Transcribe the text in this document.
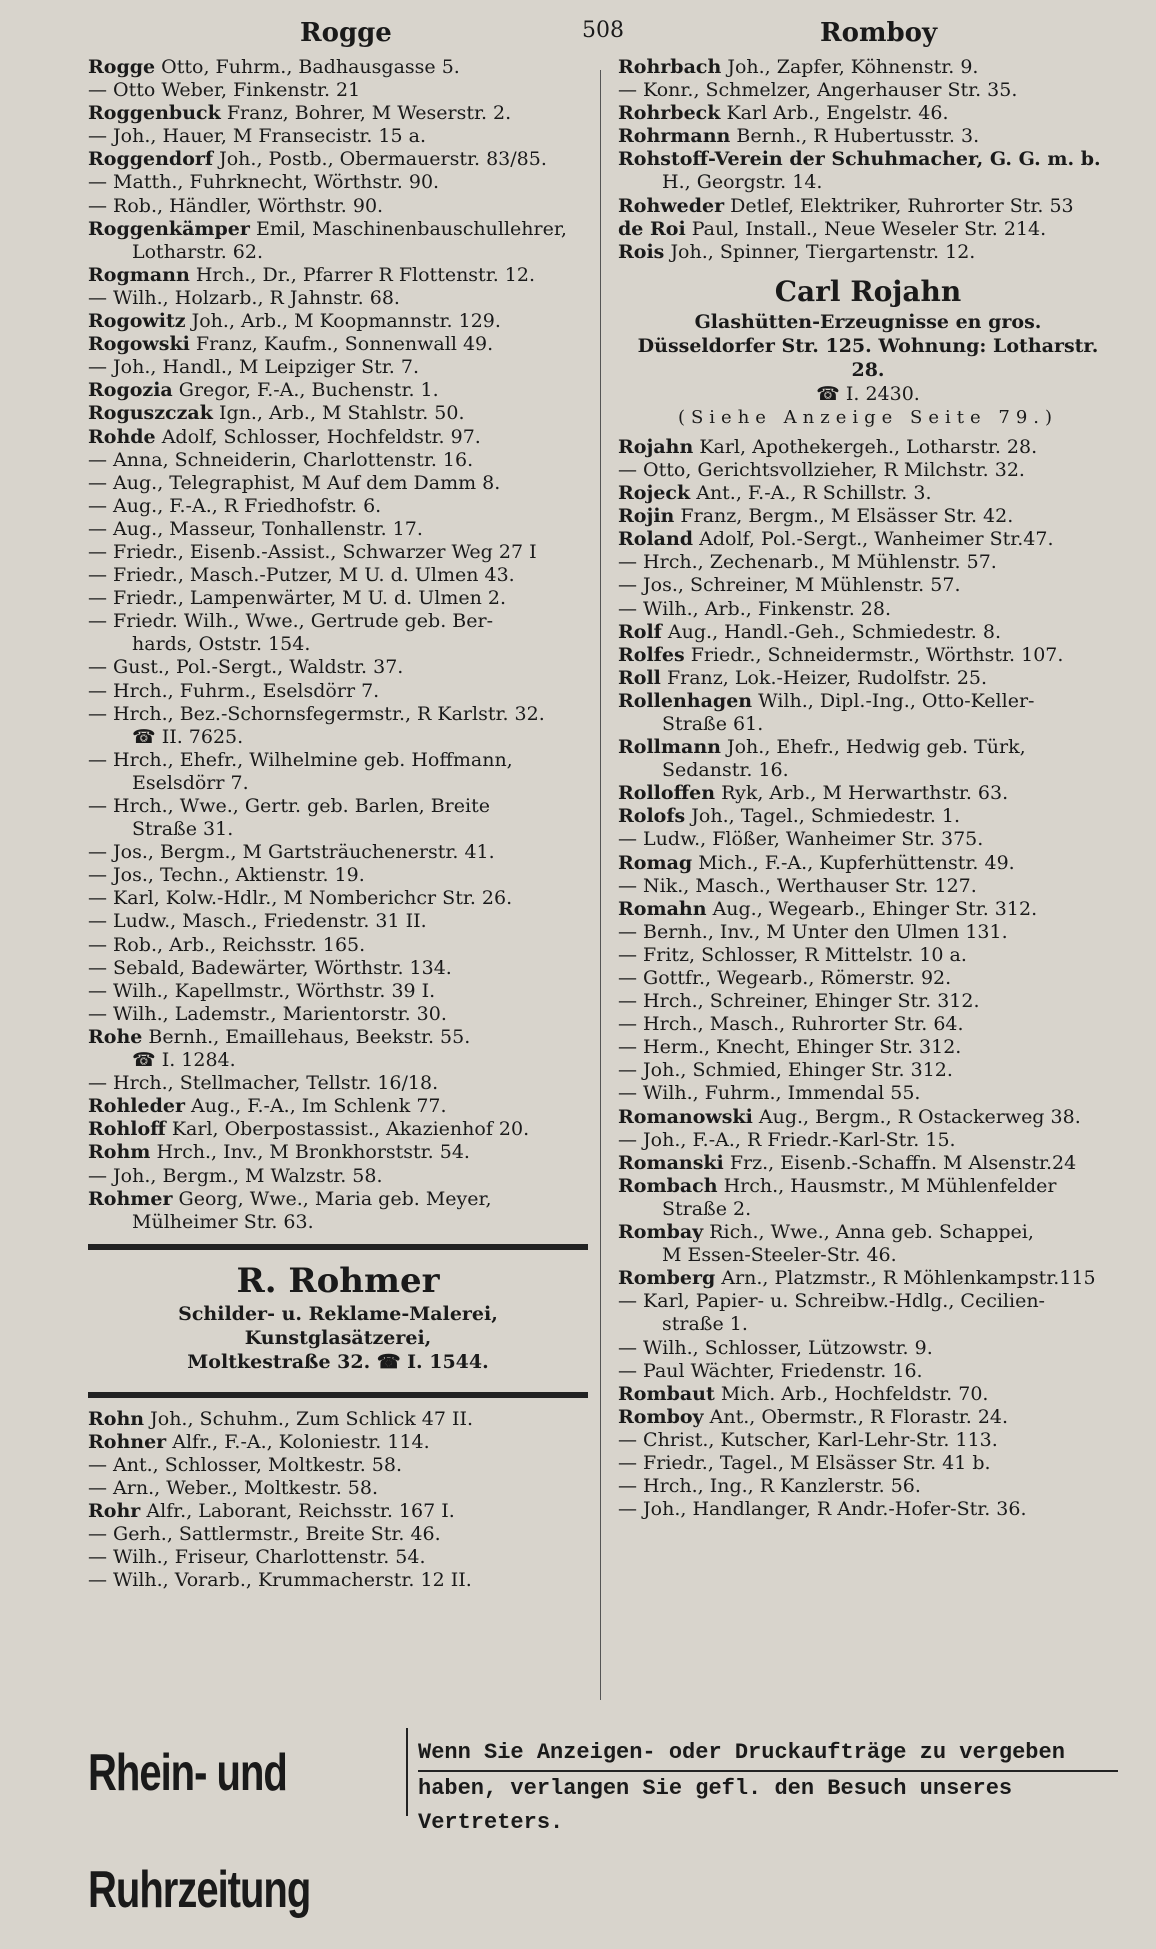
Rogge	508	Romboy
Rogge Otto, Fuhrm., Badhausgasse 5.
— Otto Weber, Finkenstr. 21
Roggenbuck Franz, Bohrer, M Weserstr. 2.
— Joh., Hauer, M Fransecistr. 15 a.
Roggendorf Joh., Postb., Obermauerstr. 83/85.
— Matth., Fuhrknecht, Wörthstr. 90.
— Rob., Händler, Wörthstr. 90.
Roggenkämper Emil, Maschinenbauschullehrer,
Lotharstr. 62.
Rogmann Hrch., Dr., Pfarrer R Flottenstr. 12.
— Wilh., Holzarb., R Jahnstr. 68.
Rogowitz Joh., Arb., M Koopmannstr. 129.
Rogowski Franz, Kaufm., Sonnenwall 49.
— Joh., Handl., M Leipziger Str. 7.
Rogozia Gregor, F.-A., Buchenstr. 1.
Roguszczak Ign., Arb., M Stahlstr. 50.
Rohde Adolf, Schlosser, Hochfeldstr. 97.
— Anna, Schneiderin, Charlottenstr. 16.
— Aug., Telegraphist, M Auf dem Damm 8.
— Aug., F.-A., R Friedhofstr. 6.
— Aug., Masseur, Tonhallenstr. 17.
— Friedr., Eisenb.-Assist., Schwarzer Weg 27 I
— Friedr., Masch.-Putzer, M U. d. Ulmen 43.
— Friedr., Lampenwärter, M U. d. Ulmen 2.
— Friedr. Wilh., Wwe., Gertrude geb. Ber-
hards, Oststr. 154.
— Gust., Pol.-Sergt., Waldstr. 37.
— Hrch., Fuhrm., Eselsdörr 7.
— Hrch., Bez.-Schornsfegermstr., R Karlstr. 32.
☎ II. 7625.
— Hrch., Ehefr., Wilhelmine geb. Hoffmann,
Eselsdörr 7.
— Hrch., Wwe., Gertr. geb. Barlen, Breite
Straße 31.
— Jos., Bergm., M Gartsträuchenerstr. 41.
— Jos., Techn., Aktienstr. 19.
— Karl, Kolw.-Hdlr., M Nomberichcr Str. 26.
— Ludw., Masch., Friedenstr. 31 II.
— Rob., Arb., Reichsstr. 165.
— Sebald, Badewärter, Wörthstr. 134.
— Wilh., Kapellmstr., Wörthstr. 39 I.
— Wilh., Lademstr., Marientorstr. 30.
Rohe Bernh., Emaillehaus, Beekstr. 55.
☎ I. 1284.
— Hrch., Stellmacher, Tellstr. 16/18.
Rohleder Aug., F.-A., Im Schlenk 77.
Rohloff Karl, Oberpostassist., Akazienhof 20.
Rohm Hrch., Inv., M Bronkhorststr. 54.
— Joh., Bergm., M Walzstr. 58.
Rohmer Georg, Wwe., Maria geb. Meyer,
Mülheimer Str. 63.
R. Rohmer
Schilder- u. Reklame-Malerei, Kunstglasätzerei,
Moltkestraße 32. ☎ I. 1544.
Rohn Joh., Schuhm., Zum Schlick 47 II.
Rohner Alfr., F.-A., Koloniestr. 114.
— Ant., Schlosser, Moltkestr. 58.
— Arn., Weber., Moltkestr. 58.
Rohr Alfr., Laborant, Reichsstr. 167 I.
— Gerh., Sattlermstr., Breite Str. 46.
— Wilh., Friseur, Charlottenstr. 54.
— Wilh., Vorarb., Krummacherstr. 12 II.
Rohrbach Joh., Zapfer, Köhnenstr. 9.
— Konr., Schmelzer, Angerhauser Str. 35.
Rohrbeck Karl Arb., Engelstr. 46.
Rohrmann Bernh., R Hubertusstr. 3.
Rohstoff-Verein der Schuhmacher, G. G. m. b.
H., Georgstr. 14.
Rohweder Detlef, Elektriker, Ruhrorter Str. 53
de Roi Paul, Install., Neue Weseler Str. 214.
Rois Joh., Spinner, Tiergartenstr. 12.
Carl Rojahn
Glashütten-Erzeugnisse en gros.
Düsseldorfer Str. 125. Wohnung: Lotharstr. 28.
☎ I. 2430.
(Siehe Anzeige Seite 79.)
Rojahn Karl, Apothekergeh., Lotharstr. 28.
— Otto, Gerichtsvollzieher, R Milchstr. 32.
Rojeck Ant., F.-A., R Schillstr. 3.
Rojin Franz, Bergm., M Elsässer Str. 42.
Roland Adolf, Pol.-Sergt., Wanheimer Str.47.
— Hrch., Zechenarb., M Mühlenstr. 57.
— Jos., Schreiner, M Mühlenstr. 57.
— Wilh., Arb., Finkenstr. 28.
Rolf Aug., Handl.-Geh., Schmiedestr. 8.
Rolfes Friedr., Schneidermstr., Wörthstr. 107.
Roll Franz, Lok.-Heizer, Rudolfstr. 25.
Rollenhagen Wilh., Dipl.-Ing., Otto-Keller-
Straße 61.
Rollmann Joh., Ehefr., Hedwig geb. Türk,
Sedanstr. 16.
Rolloffen Ryk, Arb., M Herwarthstr. 63.
Rolofs Joh., Tagel., Schmiedestr. 1.
— Ludw., Flößer, Wanheimer Str. 375.
Romag Mich., F.-A., Kupferhüttenstr. 49.
— Nik., Masch., Werthauser Str. 127.
Romahn Aug., Wegearb., Ehinger Str. 312.
— Bernh., Inv., M Unter den Ulmen 131.
— Fritz, Schlosser, R Mittelstr. 10 a.
— Gottfr., Wegearb., Römerstr. 92.
— Hrch., Schreiner, Ehinger Str. 312.
— Hrch., Masch., Ruhrorter Str. 64.
— Herm., Knecht, Ehinger Str. 312.
— Joh., Schmied, Ehinger Str. 312.
— Wilh., Fuhrm., Immendal 55.
Romanowski Aug., Bergm., R Ostackerweg 38.
— Joh., F.-A., R Friedr.-Karl-Str. 15.
Romanski Frz., Eisenb.-Schaffn. M Alsenstr.24
Rombach Hrch., Hausmstr., M Mühlenfelder
Straße 2.
Rombay Rich., Wwe., Anna geb. Schappei,
M Essen-Steeler-Str. 46.
Romberg Arn., Platzmstr., R Möhlenkampstr.115
— Karl, Papier- u. Schreibw.-Hdlg., Cecilien-
straße 1.
— Wilh., Schlosser, Lützowstr. 9.
— Paul Wächter, Friedenstr. 16.
Rombaut Mich. Arb., Hochfeldstr. 70.
Romboy Ant., Obermstr., R Florastr. 24.
— Christ., Kutscher, Karl-Lehr-Str. 113.
— Friedr., Tagel., M Elsässer Str. 41 b.
— Hrch., Ing., R Kanzlerstr. 56.
— Joh., Handlanger, R Andr.-Hofer-Str. 36.
Rhein- und Ruhrzeitung
Wenn Sie Anzeigen- oder Druckaufträge zu vergeben
haben, verlangen Sie gefl. den Besuch unseres Vertreters.
